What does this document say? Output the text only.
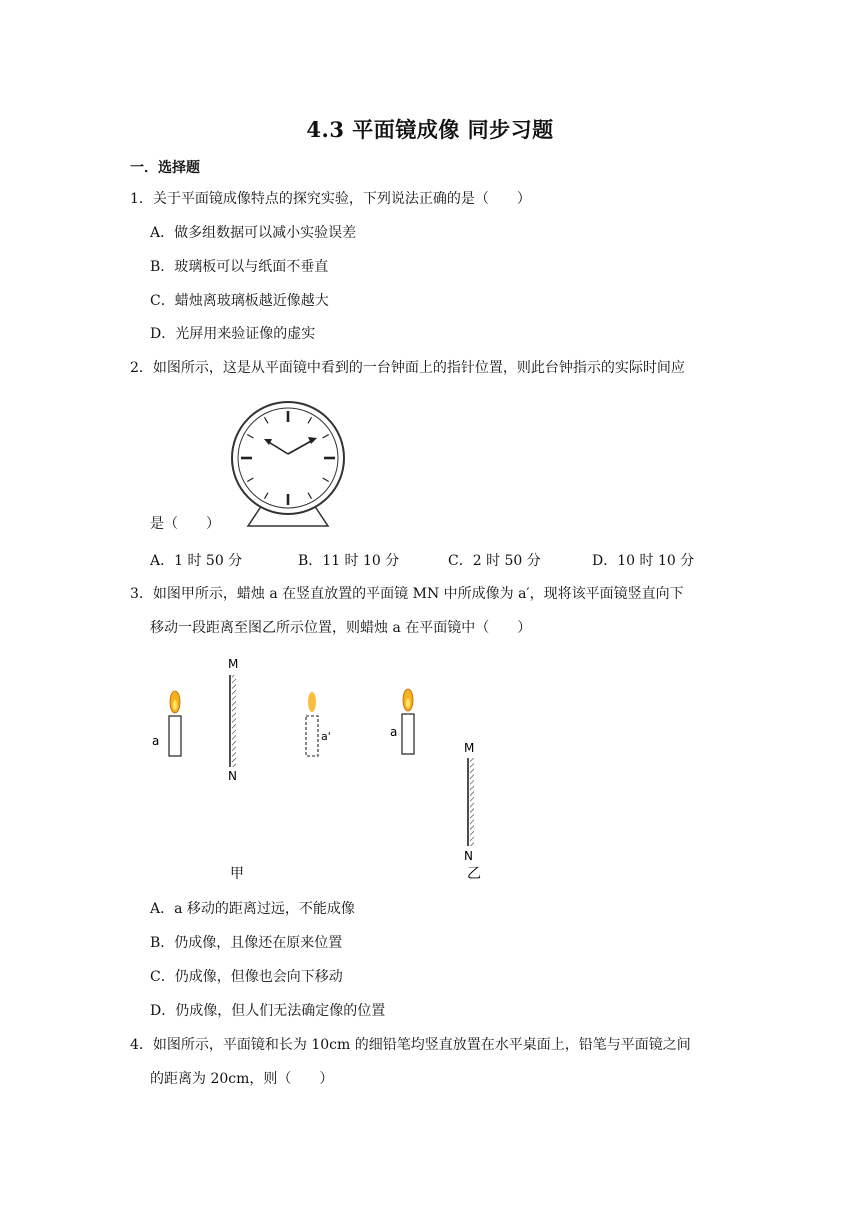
4.3 平面镜成像 同步习题
一．选择题
1．关于平面镜成像特点的探究实验，下列说法正确的是（　　）
A．做多组数据可以减小实验误差
B．玻璃板可以与纸面不垂直
C．蜡烛离玻璃板越近像越大
D．光屏用来验证像的虚实
2．如图所示，这是从平面镜中看到的一台钟面上的指针位置，则此台钟指示的实际时间应
是（　　）
A．1 时 50 分	B．11 时 10 分	C．2 时 50 分	D．10 时 10 分
3．如图甲所示，蜡烛 a 在竖直放置的平面镜 MN 中所成像为 a′，现将该平面镜竖直向下
移动一段距离至图乙所示位置，则蜡烛 a 在平面镜中（　　）
a
M
N
a'
甲
a
M
N
乙
A．a 移动的距离过远，不能成像
B．仍成像，且像还在原来位置
C．仍成像，但像也会向下移动
D．仍成像，但人们无法确定像的位置
4．如图所示，平面镜和长为 10cm 的细铅笔均竖直放置在水平桌面上，铅笔与平面镜之间
的距离为 20cm，则（　　）
